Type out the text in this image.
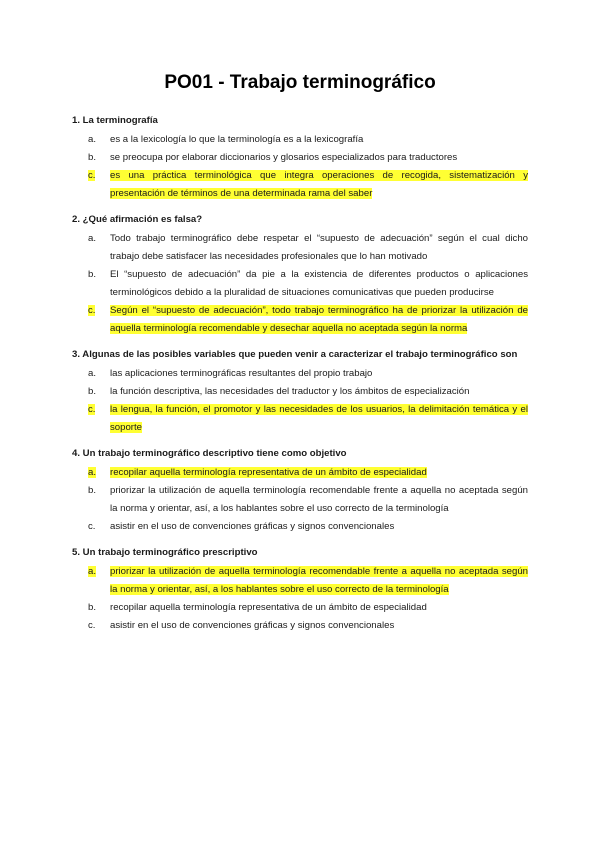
PO01 - Trabajo terminográfico
1. La terminografía
a.	es a la lexicología lo que la terminología es a la lexicografía
b.	se preocupa por elaborar diccionarios y glosarios especializados para traductores
c.	es una práctica terminológica que integra operaciones de recogida, sistematización y presentación de términos de una determinada rama del saber
2. ¿Qué afirmación es falsa?
a.	Todo trabajo terminográfico debe respetar el “supuesto de adecuación” según el cual dicho trabajo debe satisfacer las necesidades profesionales que lo han motivado
b.	El “supuesto de adecuación” da pie a la existencia de diferentes productos o aplicaciones terminológicos debido a la pluralidad de situaciones comunicativas que pueden producirse
c.	Según el “supuesto de adecuación”, todo trabajo terminográfico ha de priorizar la utilización de aquella terminología recomendable y desechar aquella no aceptada según la norma
3. Algunas de las posibles variables que pueden venir a caracterizar el trabajo terminográfico son
a.	las aplicaciones terminográficas resultantes del propio trabajo
b.	la función descriptiva, las necesidades del traductor y los ámbitos de especialización
c.	la lengua, la función, el promotor y las necesidades de los usuarios, la delimitación temática y el soporte
4. Un trabajo terminográfico descriptivo tiene como objetivo
a.	recopilar aquella terminología representativa de un ámbito de especialidad
b.	priorizar la utilización de aquella terminología recomendable frente a aquella no aceptada según la norma y orientar, así, a los hablantes sobre el uso correcto de la terminología
c.	asistir en el uso de convenciones gráficas y signos convencionales
5. Un trabajo terminográfico prescriptivo
a.	priorizar la utilización de aquella terminología recomendable frente a aquella no aceptada según la norma y orientar, así, a los hablantes sobre el uso correcto de la terminología
b.	recopilar aquella terminología representativa de un ámbito de especialidad
c.	asistir en el uso de convenciones gráficas y signos convencionales
